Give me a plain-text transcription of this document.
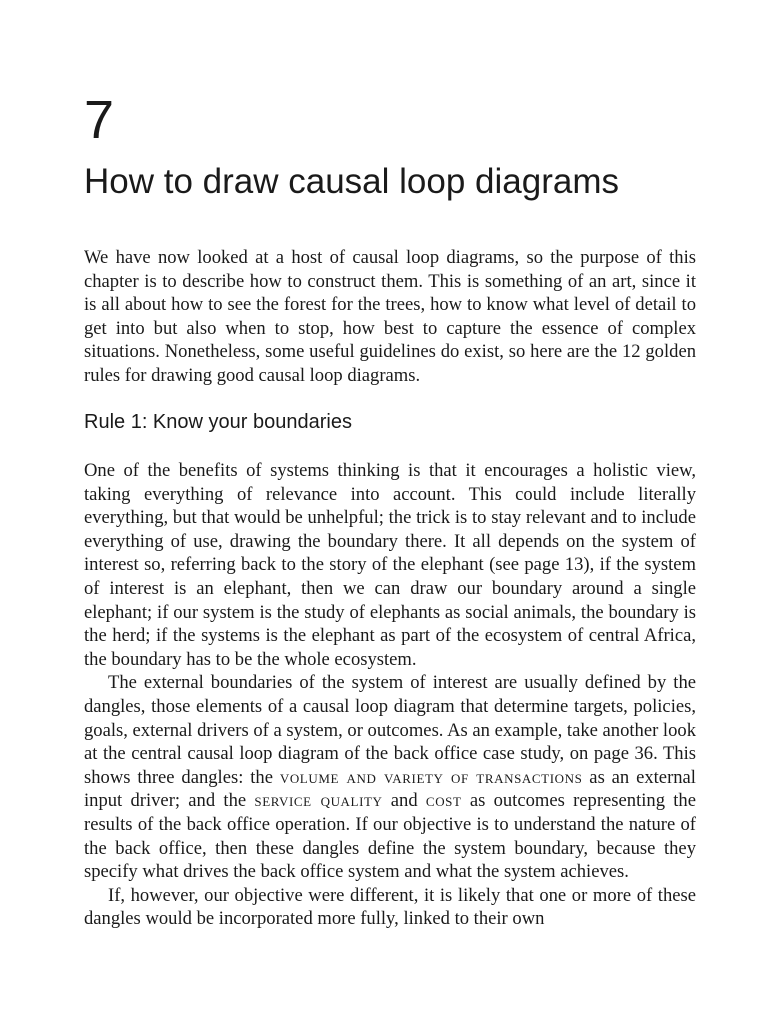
7
How to draw causal loop diagrams

We have now looked at a host of causal loop diagrams, so the purpose of this chapter is to describe how to construct them. This is something of an art, since it is all about how to see the forest for the trees, how to know what level of detail to get into but also when to stop, how best to capture the essence of complex situations. Nonetheless, some useful guidelines do exist, so here are the 12 golden rules for drawing good causal loop diagrams.

Rule 1: Know your boundaries

One of the benefits of systems thinking is that it encourages a holistic view, taking everything of relevance into account. This could include literally everything, but that would be unhelpful; the trick is to stay relevant and to include everything of use, drawing the boundary there. It all depends on the system of interest so, referring back to the story of the elephant (see page 13), if the system of interest is an elephant, then we can draw our boundary around a single elephant; if our system is the study of elephants as social animals, the boundary is the herd; if the systems is the elephant as part of the ecosystem of central Africa, the boundary has to be the whole ecosystem.

The external boundaries of the system of interest are usually defined by the dangles, those elements of a causal loop diagram that determine targets, policies, goals, external drivers of a system, or outcomes. As an example, take another look at the central causal loop diagram of the back office case study, on page 36. This shows three dangles: the volume and variety of transactions as an external input driver; and the service quality and cost as outcomes representing the results of the back office operation. If our objective is to understand the nature of the back office, then these dangles define the system boundary, because they specify what drives the back office system and what the system achieves.

If, however, our objective were different, it is likely that one or more of these dangles would be incorporated more fully, linked to their own
